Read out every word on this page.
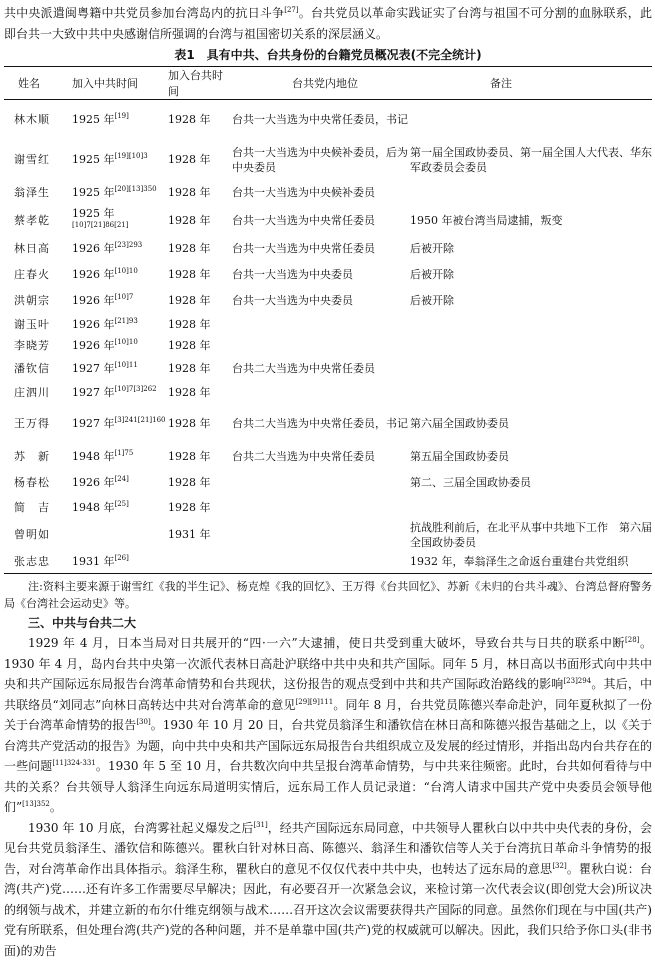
共中央派遣闽粤籍中共党员参加台湾岛内的抗日斗争[27]。台共党员以革命实践证实了台湾与祖国不可分割的血脉联系，此即台共一大致中共中央感谢信所强调的台湾与祖国密切关系的深层涵义。

表1　具有中共、台共身份的台籍党员概况表(不完全统计)
姓名	加入中共时间	加入台共时间	台共党内地位	备注
林木顺	1925 年[19]	1928 年	台共一大当选为中央常任委员，书记	
谢雪红	1925 年$^{[19][10]3}$	1928 年	台共一大当选为中央候补委员，后为中央委员	第一届全国政协委员、第一届全国人大代表、华东军政委员会委员
翁泽生	1925 年$^{[20][13]350}$	1928 年	台共一大当选为中央候补委员	
蔡孝乾	1925 年[10]7[21]86[21]	1928 年	台共一大当选为中央常任委员	1950 年被台湾当局逮捕，叛变
林日高	1926 年$^{[23]293}$	1928 年	台共一大当选为中央常任委员	后被开除
庄春火	1926 年$^{[10]10}$	1928 年	台共一大当选为中央委员	后被开除
洪朝宗	1926 年$^{[10]7}$	1928 年	台共一大当选为中央委员	后被开除
谢玉叶	1926 年$^{[21]93}$	1928 年		
李晓芳	1926 年$^{[10]10}$	1928 年		
潘钦信	1927 年$^{[10]11}$	1928 年	台共二大当选为中央常任委员	
庄泗川	1927 年$^{[10]7[3]262}$	1928 年		
王万得	1927 年$^{[3]241[21]160}$	1928 年	台共二大当选为中央常任委员，书记	第六届全国政协委员
苏　新	1948 年$^{[1]75}$	1928 年	台共二大当选为中央常任委员	第五届全国政协委员
杨春松	1926 年[24]	1928 年		第二、三届全国政协委员
简　吉	1948 年[25]	1928 年		
曾明如		1931 年		抗战胜利前后，在北平从事中共地下工作　第六届全国政协委员
张志忠	1931 年[26]			1932 年，奉翁泽生之命返台重建台共党组织

注:资料主要来源于谢雪红《我的半生记》、杨克煌《我的回忆》、王万得《台共回忆》、苏新《未归的台共斗魂》、台湾总督府警务局《台湾社会运动史》等。

三、中共与台共二大

1929 年 4 月，日本当局对日共展开的“四·一六”大逮捕，使日共受到重大破坏，导致台共与日共的联系中断[28]。1930 年 4 月，岛内台共中央第一次派代表林日高赴沪联络中共中央和共产国际。同年 5 月，林日高以书面形式向中共中央和共产国际远东局报告台湾革命情势和台共现状，这份报告的观点受到中共和共产国际政治路线的影响$^{[23]294}$。其后，中共联络员“刘同志”向林日高转达中共对台湾革命的意见$^{[29][9]111}$。同年 8 月，台共党员陈德兴奉命赴沪，同年夏秋拟了一份关于台湾革命情势的报告[30]。1930 年 10 月 20 日，台共党员翁泽生和潘钦信在林日高和陈德兴报告基础之上，以《关于台湾共产党活动的报告》为题，向中共中央和共产国际远东局报告台共组织成立及发展的经过情形，并指出岛内台共存在的一些问题$^{[11]324-331}$。1930 年 5 至 10 月，台共数次向中共呈报台湾革命情势，与中共来往频密。此时，台共如何看待与中共的关系？台共领导人翁泽生向远东局道明实情后，远东局工作人员记录道：“台湾人请求中国共产党中央委员会领导他们”$^{[13]352}$。

1930 年 10 月底，台湾雾社起义爆发之后[31]，经共产国际远东局同意，中共领导人瞿秋白以中共中央代表的身份，会见台共党员翁泽生、潘钦信和陈德兴。瞿秋白针对林日高、陈德兴、翁泽生和潘钦信等人关于台湾抗日革命斗争情势的报告，对台湾革命作出具体指示。翁泽生称，瞿秋白的意见不仅仅代表中共中央，也转达了远东局的意思[32]。瞿秋白说：台湾(共产)党……还有许多工作需要尽早解决；因此，有必要召开一次紧急会议，来检讨第一次代表会议(即创党大会)所议决的纲领与战术，并建立新的布尔什维克纲领与战术……召开这次会议需要获得共产国际的同意。虽然你们现在与中国(共产)党有所联系，但处理台湾(共产)党的各种问题，并不是单靠中国(共产)党的权威就可以解决。因此，我们只给予你口头(非书面)的劝告
